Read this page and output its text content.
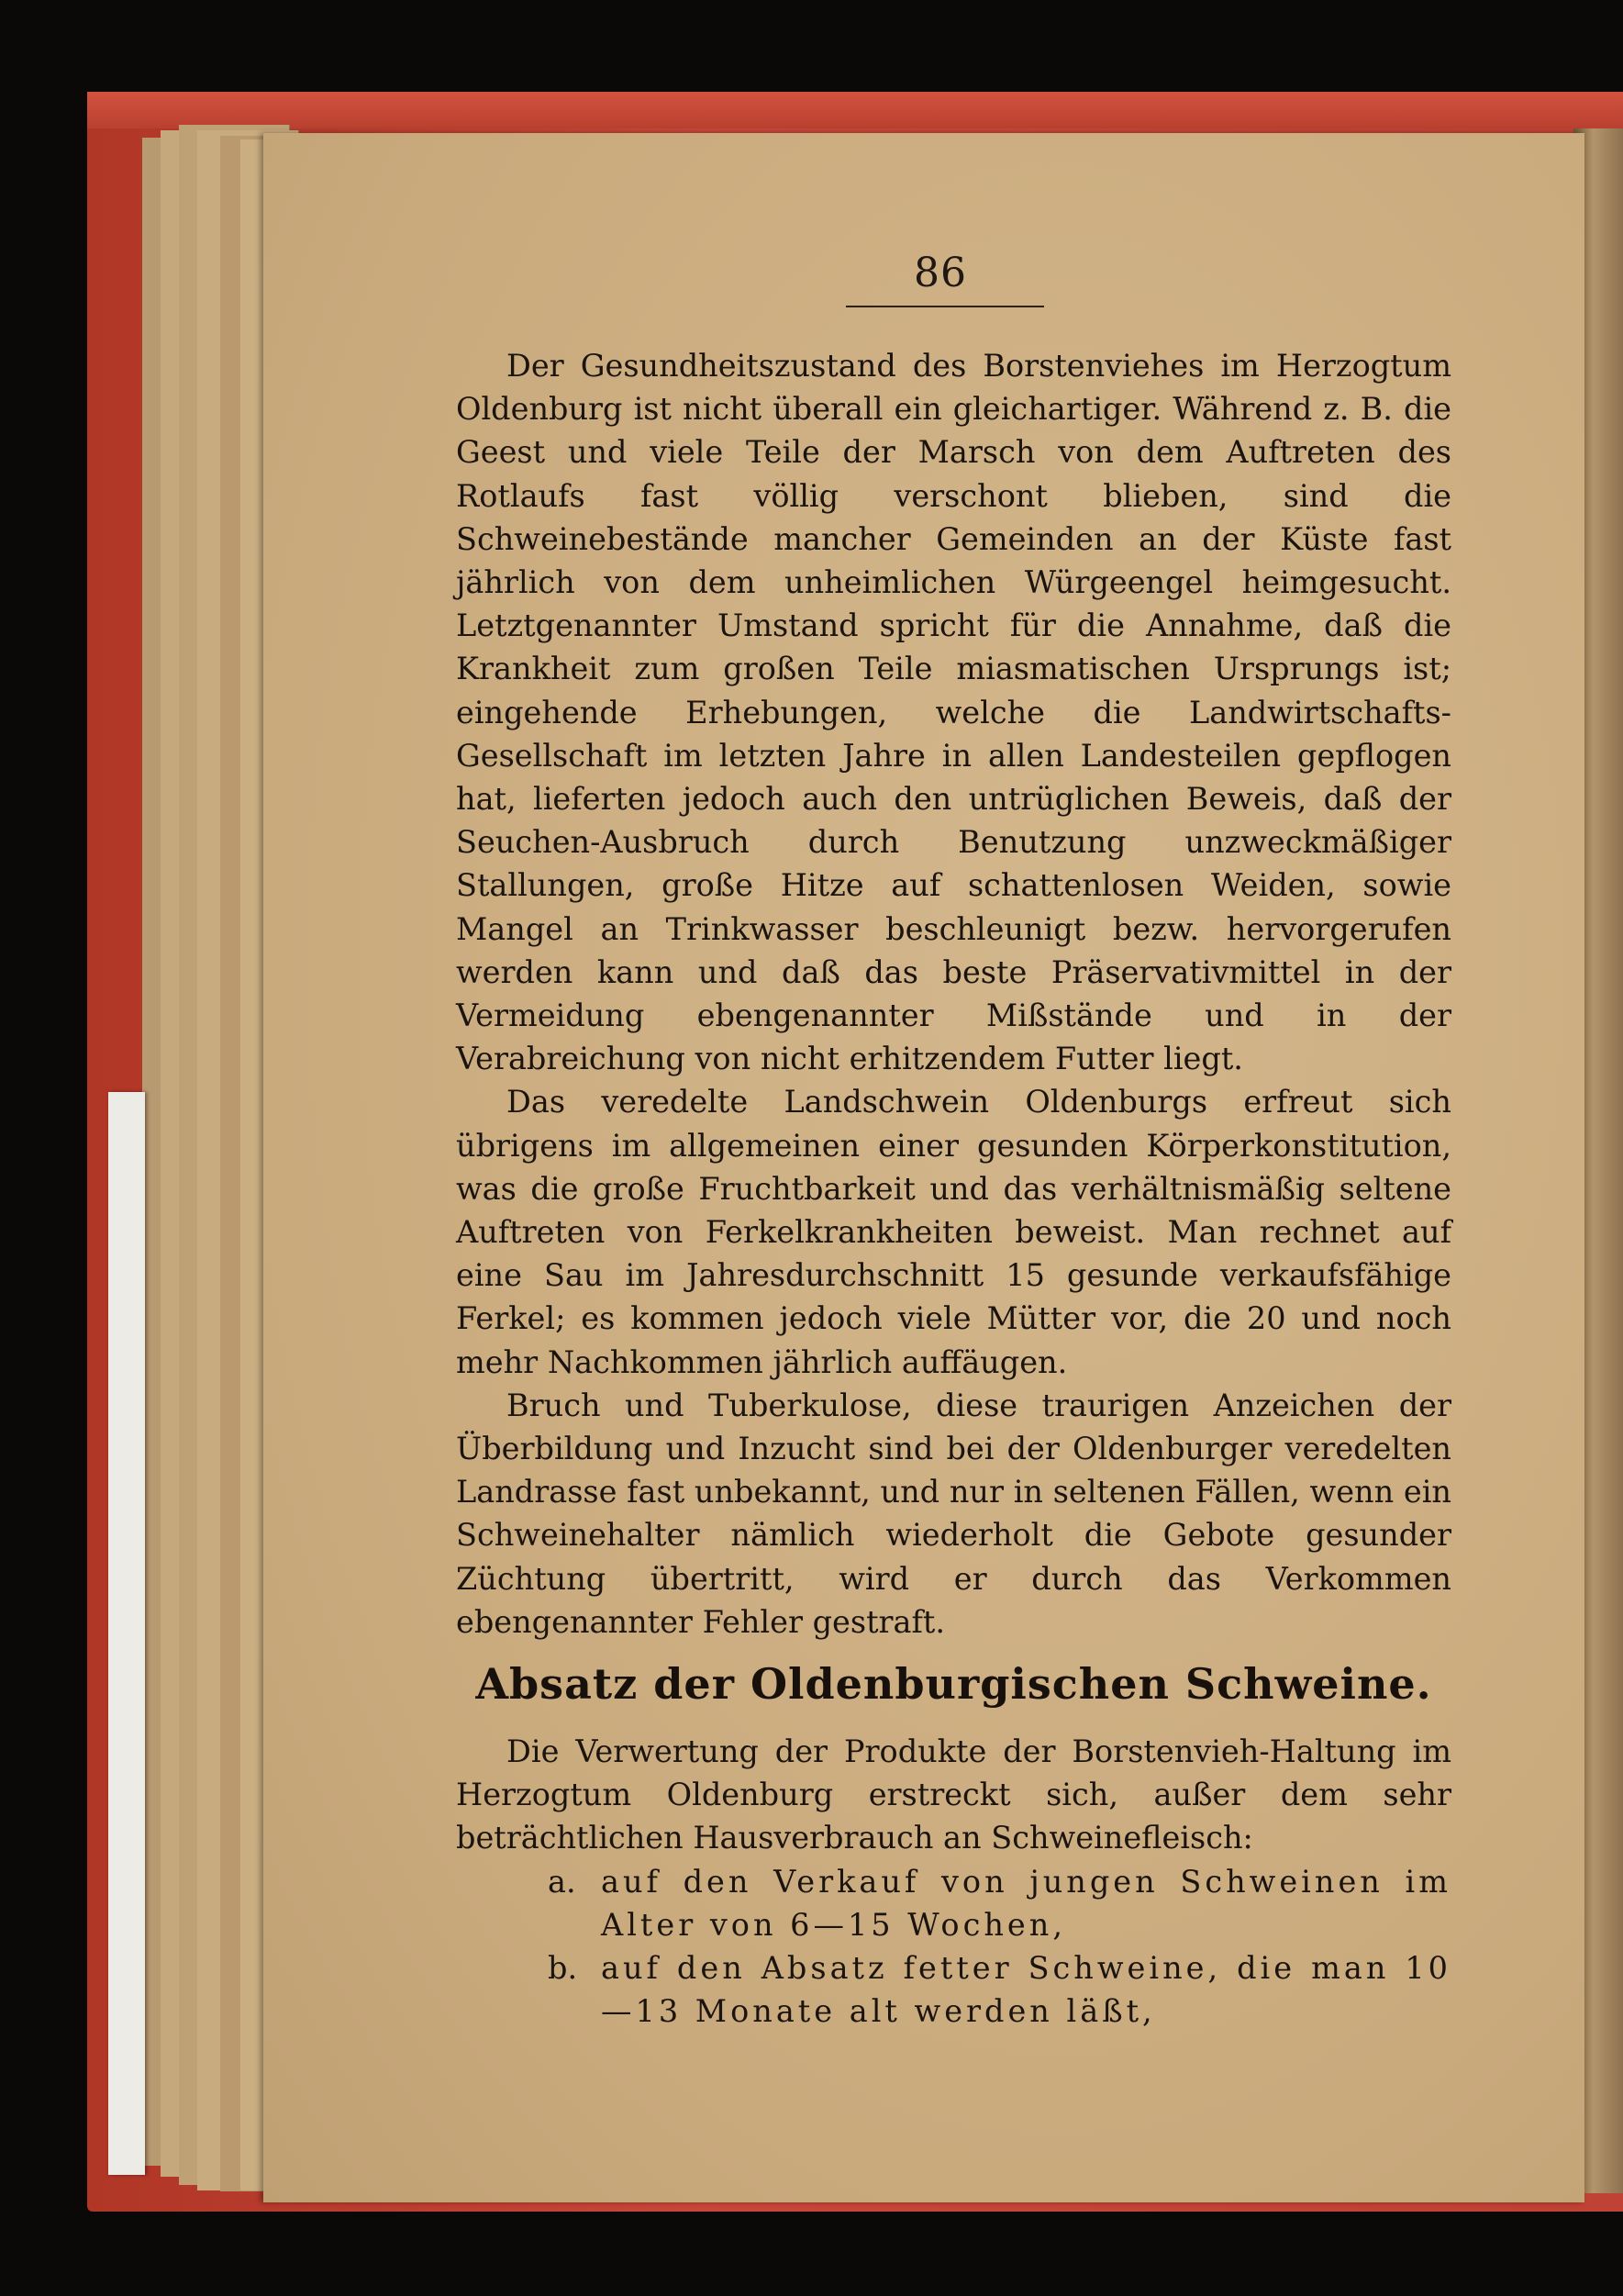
86

Der Gesundheitszustand des Borstenviehes im Herzogtum Oldenburg ist nicht überall ein gleichartiger. Während z. B. die Geest und viele Teile der Marsch von dem Auftreten des Rotlaufs fast völlig verschont blieben, sind die Schweinebestände mancher Gemeinden an der Küste fast jährlich von dem unheimlichen Würgeengel heimgesucht. Letztgenannter Umstand spricht für die Annahme, daß die Krankheit zum großen Teile miasmatischen Ursprungs ist; eingehende Erhebungen, welche die Landwirtschafts-Gesellschaft im letzten Jahre in allen Landesteilen gepflogen hat, lieferten jedoch auch den untrüglichen Beweis, daß der Seuchen-Ausbruch durch Benutzung unzweckmäßiger Stallungen, große Hitze auf schattenlosen Weiden, sowie Mangel an Trinkwasser beschleunigt bezw. hervorgerufen werden kann und daß das beste Präservativmittel in der Vermeidung ebengenannter Mißstände und in der Verabreichung von nicht erhitzendem Futter liegt.

Das veredelte Landschwein Oldenburgs erfreut sich übrigens im allgemeinen einer gesunden Körperkonstitution, was die große Fruchtbarkeit und das verhältnismäßig seltene Auftreten von Ferkelkrankheiten beweist. Man rechnet auf eine Sau im Jahresdurchschnitt 15 gesunde verkaufsfähige Ferkel; es kommen jedoch viele Mütter vor, die 20 und noch mehr Nachkommen jährlich auffäugen.

Bruch und Tuberkulose, diese traurigen Anzeichen der Überbildung und Inzucht sind bei der Oldenburger veredelten Landrasse fast unbekannt, und nur in seltenen Fällen, wenn ein Schweinehalter nämlich wiederholt die Gebote gesunder Züchtung übertritt, wird er durch das Verkommen ebengenannter Fehler gestraft.

Absatz der Oldenburgischen Schweine.

Die Verwertung der Produkte der Borstenvieh-Haltung im Herzogtum Oldenburg erstreckt sich, außer dem sehr beträchtlichen Hausverbrauch an Schweinefleisch:

a. auf den Verkauf von jungen Schweinen im Alter von 6—15 Wochen,
b. auf den Absatz fetter Schweine, die man 10—13 Monate alt werden läßt,
